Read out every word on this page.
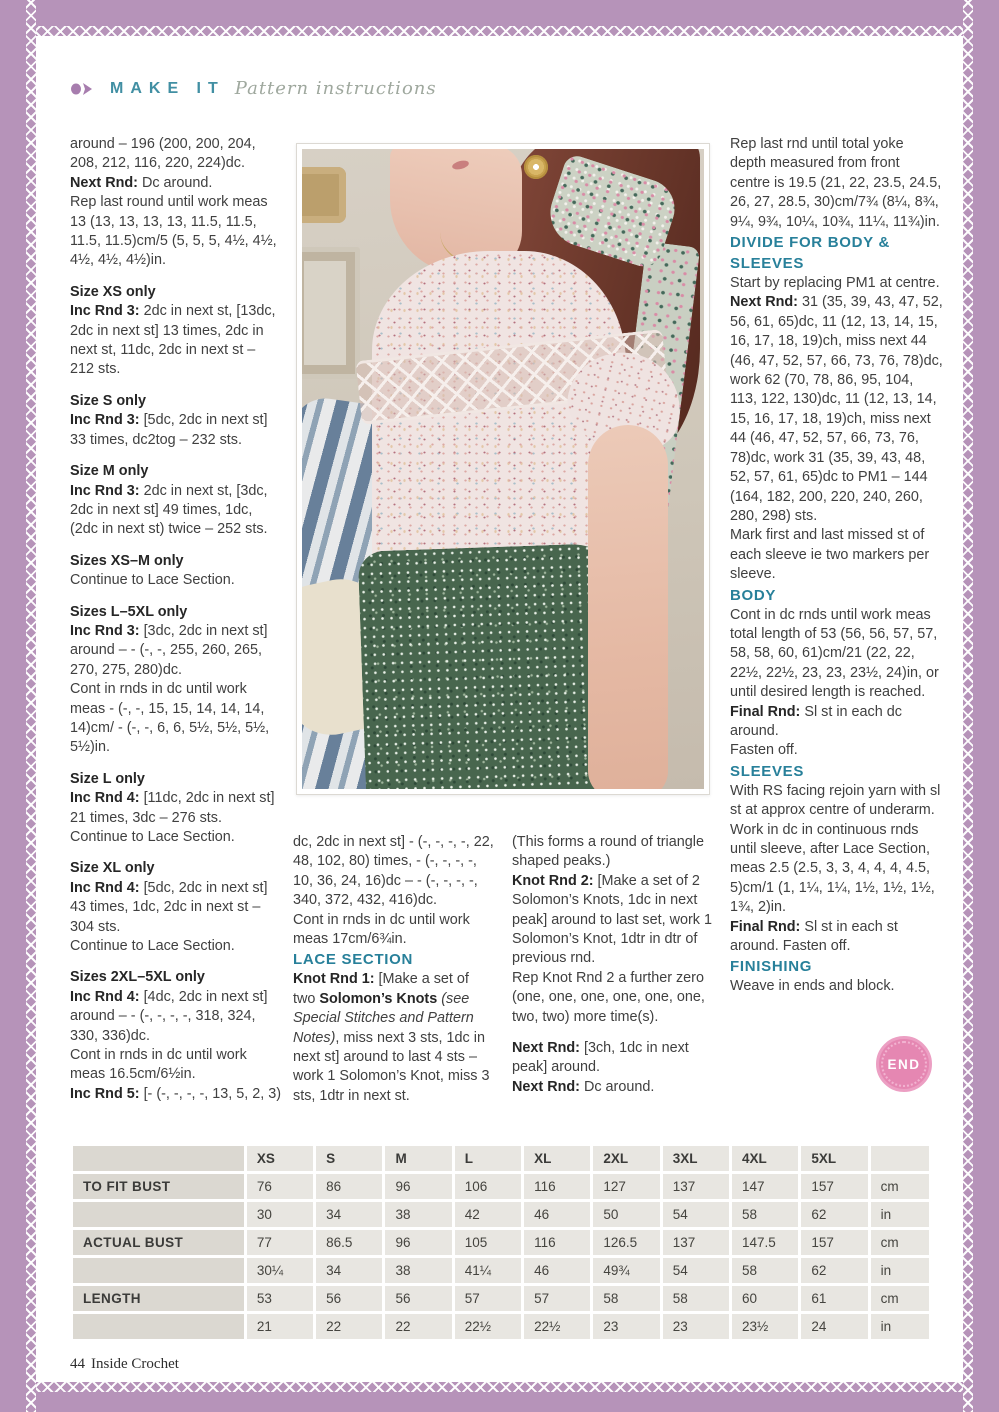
MAKE IT Pattern instructions

around – 196 (200, 200, 204, 208, 212, 116, 220, 224)dc.

Next Rnd: Dc around.

Rep last round until work meas 13 (13, 13, 13, 13, 11.5, 11.5, 11.5, 11.5)cm/5 (5, 5, 5, 4½, 4½, 4½, 4½, 4½)in.

Size XS only

Inc Rnd 3: 2dc in next st, [13dc, 2dc in next st] 13 times, 2dc in next st, 11dc, 2dc in next st – 212 sts.

Size S only

Inc Rnd 3: [5dc, 2dc in next st] 33 times, dc2tog – 232 sts.

Size M only

Inc Rnd 3: 2dc in next st, [3dc, 2dc in next st] 49 times, 1dc, (2dc in next st) twice – 252 sts.

Sizes XS–M only

Continue to Lace Section.

Sizes L–5XL only

Inc Rnd 3: [3dc, 2dc in next st] around – - (-, -, 255, 260, 265, 270, 275, 280)dc.

Cont in rnds in dc until work meas - (-, -, 15, 15, 14, 14, 14, 14)cm/ - (-, -, 6, 6, 5½, 5½, 5½, 5½)in.

Size L only

Inc Rnd 4: [11dc, 2dc in next st] 21 times, 3dc – 276 sts.

Continue to Lace Section.

Size XL only

Inc Rnd 4: [5dc, 2dc in next st] 43 times, 1dc, 2dc in next st – 304 sts.

Continue to Lace Section.

Sizes 2XL–5XL only

Inc Rnd 4: [4dc, 2dc in next st] around – - (-, -, -, -, 318, 324, 330, 336)dc.

Cont in rnds in dc until work meas 16.5cm/6½in.

Inc Rnd 5: [- (-, -, -, -, 13, 5, 2, 3)

dc, 2dc in next st] - (-, -, -, -, 22, 48, 102, 80) times, - (-, -, -, -, 10, 36, 24, 16)dc – - (-, -, -, -, 340, 372, 432, 416)dc.

Cont in rnds in dc until work meas 17cm/6¾in.

LACE SECTION

Knot Rnd 1: [Make a set of two Solomon’s Knots (see Special Stitches and Pattern Notes), miss next 3 sts, 1dc in next st] around to last 4 sts – work 1 Solomon’s Knot, miss 3 sts, 1dtr in next st.

(This forms a round of triangle shaped peaks.)

Knot Rnd 2: [Make a set of 2 Solomon’s Knots, 1dc in next peak] around to last set, work 1 Solomon’s Knot, 1dtr in dtr of previous rnd.

Rep Knot Rnd 2 a further zero (one, one, one, one, one, one, two, two) more time(s).

Next Rnd: [3ch, 1dc in next peak] around.

Next Rnd: Dc around.

Rep last rnd until total yoke depth measured from front centre is 19.5 (21, 22, 23.5, 24.5, 26, 27, 28.5, 30)cm/7¾ (8¼, 8¾, 9¼, 9¾, 10¼, 10¾, 11¼, 11¾)in.

DIVIDE FOR BODY & SLEEVES

Start by replacing PM1 at centre.

Next Rnd: 31 (35, 39, 43, 47, 52, 56, 61, 65)dc, 11 (12, 13, 14, 15, 16, 17, 18, 19)ch, miss next 44 (46, 47, 52, 57, 66, 73, 76, 78)dc, work 62 (70, 78, 86, 95, 104, 113, 122, 130)dc, 11 (12, 13, 14, 15, 16, 17, 18, 19)ch, miss next 44 (46, 47, 52, 57, 66, 73, 76, 78)dc, work 31 (35, 39, 43, 48, 52, 57, 61, 65)dc to PM1 – 144 (164, 182, 200, 220, 240, 260, 280, 298) sts.

Mark first and last missed st of each sleeve ie two markers per sleeve.

BODY

Cont in dc rnds until work meas total length of 53 (56, 56, 57, 57, 58, 58, 60, 61)cm/21 (22, 22, 22½, 22½, 23, 23, 23½, 24)in, or until desired length is reached.

Final Rnd: Sl st in each dc around.

Fasten off.

SLEEVES

With RS facing rejoin yarn with sl st at approx centre of underarm.

Work in dc in continuous rnds until sleeve, after Lace Section, meas 2.5 (2.5, 3, 3, 4, 4, 4, 4.5, 5)cm/1 (1, 1¼, 1¼, 1½, 1½, 1½, 1¾, 2)in.

Final Rnd: Sl st in each st around. Fasten off.

FINISHING

Weave in ends and block.

END
	XS	S	M	L	XL	2XL	3XL	4XL	5XL	
TO FIT BUST	76	86	96	106	116	127	137	147	157	cm
	30	34	38	42	46	50	54	58	62	in
ACTUAL BUST	77	86.5	96	105	116	126.5	137	147.5	157	cm
	30¼	34	38	41¼	46	49¾	54	58	62	in
LENGTH	53	56	56	57	57	58	58	60	61	cm
	21	22	22	22½	22½	23	23	23½	24	in
44 Inside Crochet
